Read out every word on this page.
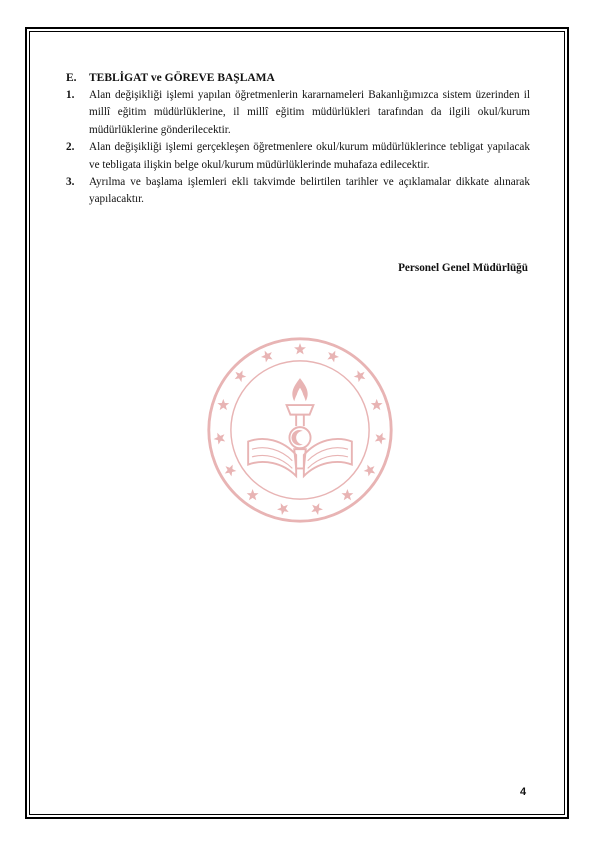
E. TEBLİGAT ve GÖREVE BAŞLAMA
1. Alan değişikliği işlemi yapılan öğretmenlerin kararnameleri Bakanlığımızca sistem üzerinden il millî eğitim müdürlüklerine, il millî eğitim müdürlükleri tarafından da ilgili okul/kurum müdürlüklerine gönderilecektir.
2. Alan değişikliği işlemi gerçekleşen öğretmenlere okul/kurum müdürlüklerince tebligat yapılacak ve tebligata ilişkin belge okul/kurum müdürlüklerinde muhafaza edilecektir.
3. Ayrılma ve başlama işlemleri ekli takvimde belirtilen tarihler ve açıklamalar dikkate alınarak yapılacaktır.
Personel Genel Müdürlüğü
4
